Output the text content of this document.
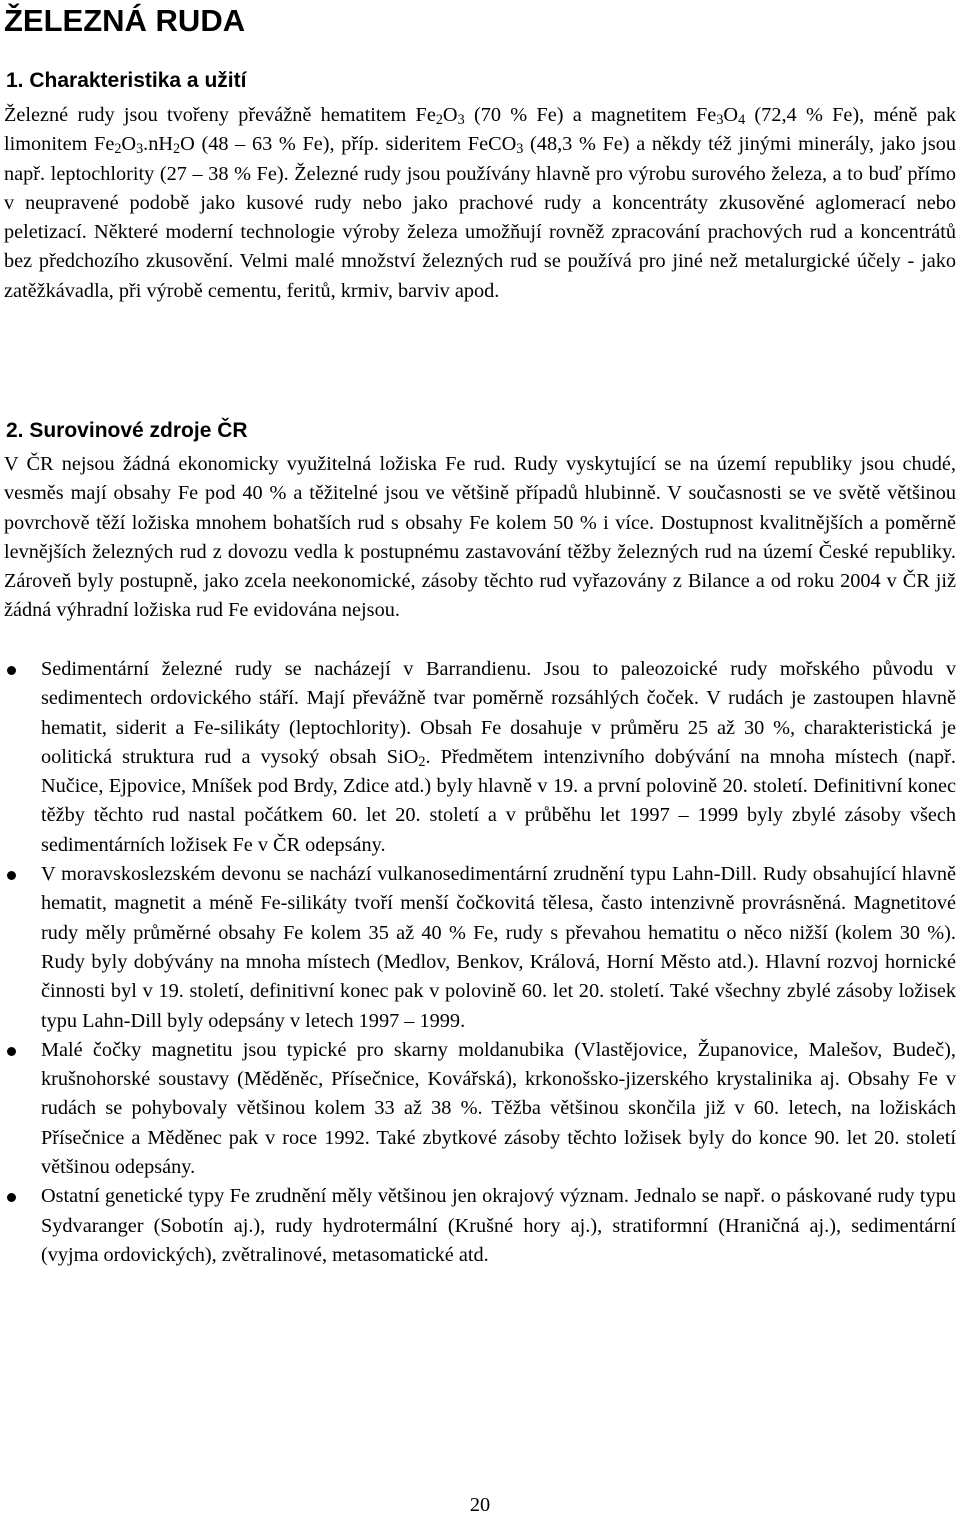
ŽELEZNÁ RUDA
1. Charakteristika a užití

Železné rudy jsou tvořeny převážně hematitem $Fe_2O_3$ (70 % Fe) a magnetitem $Fe_3O_4$ (72,4 % Fe), méně pak limonitem $Fe_2O_3.nH_2O$ (48 – 63 % Fe), příp. sideritem FeCO$_3$ (48,3 % Fe) a někdy též jinými minerály, jako jsou např. leptochlority (27 – 38 % Fe). Železné rudy jsou používány hlavně pro výrobu surového železa, a to buď přímo v neupravené podobě jako kusové rudy nebo jako prachové rudy a koncentráty zkusověné aglomerací nebo peletizací. Některé moderní technologie výroby železa umožňují rovněž zpracování prachových rud a koncentrátů bez předchozího zkusovění. Velmi malé množství železných rud se používá pro jiné než metalurgické účely - jako zatěžkávadla, při výrobě cementu, feritů, krmiv, barviv apod.

2. Surovinové zdroje ČR

V ČR nejsou žádná ekonomicky využitelná ložiska Fe rud. Rudy vyskytující se na území republiky jsou chudé, vesměs mají obsahy Fe pod 40 % a těžitelné jsou ve většině případů hlubinně. V současnosti se ve světě většinou povrchově těží ložiska mnohem bohatších rud s obsahy Fe kolem 50 % i více. Dostupnost kvalitnějších a poměrně levnějších železných rud z dovozu vedla k postupnému zastavování těžby železných rud na území České republiky. Zároveň byly postupně, jako zcela neekonomické, zásoby těchto rud vyřazovány z Bilance a od roku 2004 v ČR již žádná výhradní ložiska rud Fe evidována nejsou.

Sedimentární železné rudy se nacházejí v Barrandienu. Jsou to paleozoické rudy mořského původu v sedimentech ordovického stáří. Mají převážně tvar poměrně rozsáhlých čoček. V rudách je zastoupen hlavně hematit, siderit a Fe-silikáty (leptochlority). Obsah Fe dosahuje v průměru 25 až 30 %, charakteristická je oolitická struktura rud a vysoký obsah SiO$_2$. Předmětem intenzivního dobývání na mnoha místech (např. Nučice, Ejpovice, Mníšek pod Brdy, Zdice atd.) byly hlavně v 19. a první polovině 20. století. Definitivní konec těžby těchto rud nastal počátkem 60. let 20. století a v průběhu let 1997 – 1999 byly zbylé zásoby všech sedimentárních ložisek Fe v ČR odepsány.
V moravskoslezském devonu se nachází vulkanosedimentární zrudnění typu Lahn-Dill. Rudy obsahující hlavně hematit, magnetit a méně Fe-silikáty tvoří menší čočkovitá tělesa, často intenzivně provrásněná. Magnetitové rudy měly průměrné obsahy Fe kolem 35 až 40 % Fe, rudy s převahou hematitu o něco nižší (kolem 30 %). Rudy byly dobývány na mnoha místech (Medlov, Benkov, Králová, Horní Město atd.). Hlavní rozvoj hornické činnosti byl v 19. století, definitivní konec pak v polovině 60. let 20. století. Také všechny zbylé zásoby ložisek typu Lahn-Dill byly odepsány v letech 1997 – 1999.
Malé čočky magnetitu jsou typické pro skarny moldanubika (Vlastějovice, Županovice, Malešov, Budeč), krušnohorské soustavy (Měděněc, Přísečnice, Kovářská), krkonošsko-jizerského krystalinika aj. Obsahy Fe v rudách se pohybovaly většinou kolem 33 až 38 %. Těžba většinou skončila již v 60. letech, na ložiskách Přísečnice a Měděnec pak v roce 1992. Také zbytkové zásoby těchto ložisek byly do konce 90. let 20. století většinou odepsány.
Ostatní genetické typy Fe zrudnění měly většinou jen okrajový význam. Jednalo se např. o páskované rudy typu Sydvaranger (Sobotín aj.), rudy hydrotermální (Krušné hory aj.), stratiformní (Hraničná aj.), sedimentární (vyjma ordovických), zvětralinové, metasomatické atd.
20
